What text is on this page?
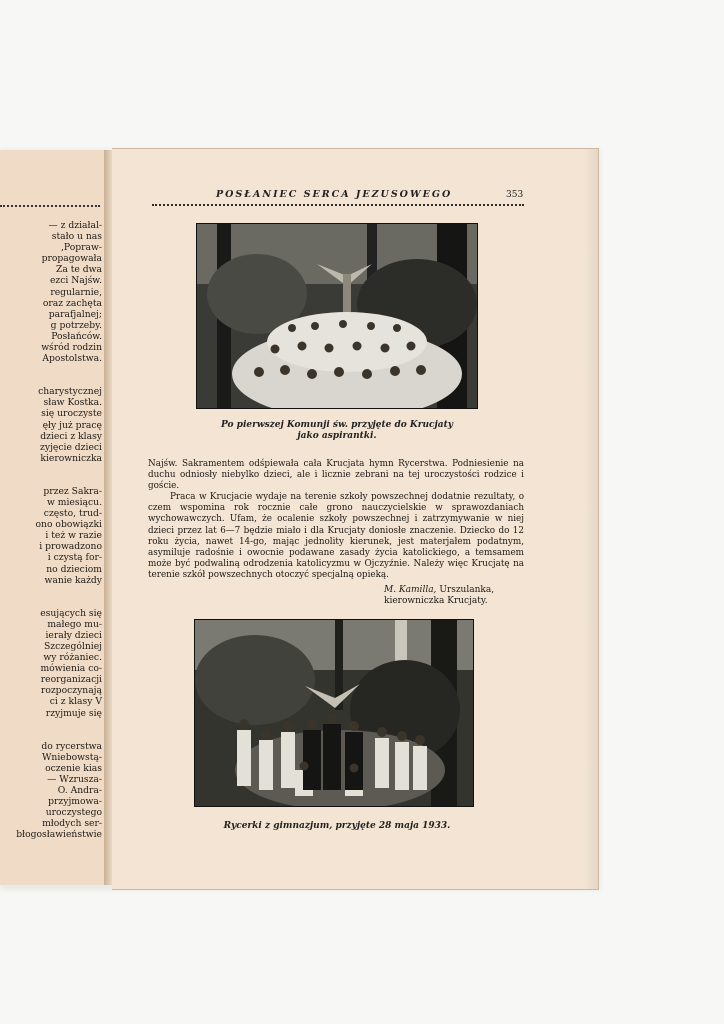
— z działal-
stało u nas
,Popraw-
propagowała
Za te dwa
ezci Najśw.
regularnie,
oraz zachęta
parafjalnej;
g potrzeby.
Posłańców.
wśród rodzin
Apostolstwa.
charystycznej
sław Kostka.
się uroczyste
ęły już pracę
dzieci z klasy
zyjęcie dzieci
kierowniczka
przez Sakra-
w miesiącu.
często, trud-
ono obowiązki
i też w razie
i prowadzono
i czystą for-
no dzieciom
wanie każdy
esujących się
małego mu-
ierały dzieci
Szczególniej
wy różaniec.
mówienia co-
reorganizacji
rozpoczynają
ci z klasy V
rzyjmuje się
do rycerstwa
Wniebowstą-
oczenie kias
— Wzrusza-
O. Andra-
przyjmowa-
uroczystego
młodych ser-
błogosławieństwie
POSŁANIEC SERCA JEZUSOWEGO	353
Po pierwszej Komunji św. przyjęte do Krucjaty
jako aspirantki.

Najśw. Sakramentem odśpiewała cała Krucjata hymn Rycerstwa. Podniesienie na duchu odniosły niebylko dzieci, ale i licznie zebrani na tej uroczystości rodzice i goście.

Praca w Krucjacie wydaje na terenie szkoły powszechnej dodatnie rezultaty, o czem wspomina rok rocznie całe grono nauczycielskie w sprawozdaniach wychowawczych. Ufam, że ocalenie szkoły powszechnej i zatrzymywanie w niej dzieci przez lat 6—7 będzie miało i dla Krucjaty doniosłe znaczenie. Dziecko do 12 roku życia, nawet 14-go, mając jednolity kierunek, jest materjałem podatnym, asymiluje radośnie i owocnie podawane zasady życia katolickiego, a temsamem może być podwaliną odrodzenia katolicyzmu w Ojczyźnie. Należy więc Krucjatę na terenie szkół powszechnych otoczyć specjalną opieką.

M. Kamilla, Urszulanka,
kierowniczka Krucjaty.
Rycerki z gimnazjum, przyjęte 28 maja 1933.
